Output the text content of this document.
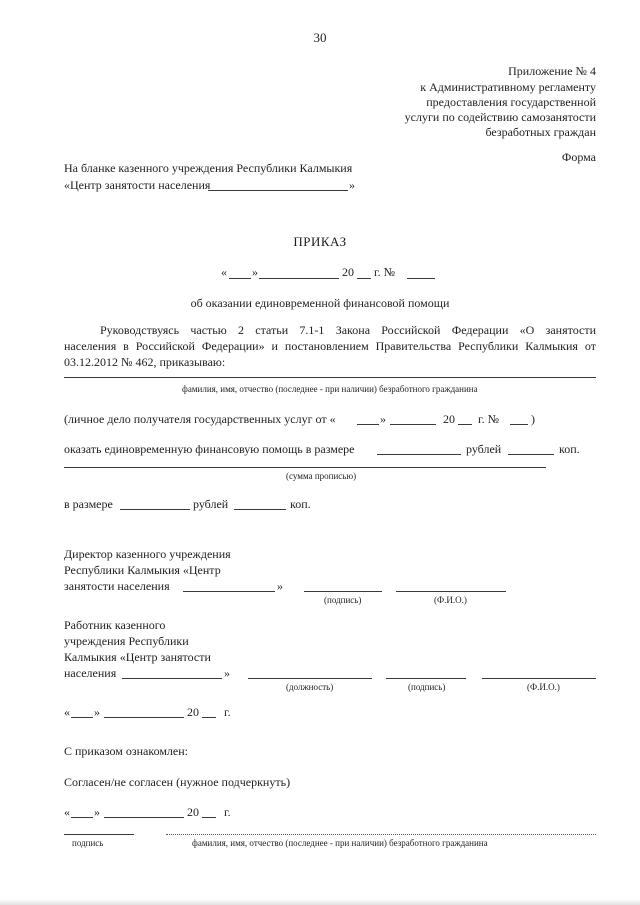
30
Приложение № 4
к Административному регламенту
предоставления государственной
услуги по содействию самозанятости
безработных граждан
Форма
На бланке казенного учреждения Республики Калмыкия
«Центр занятости населения	»
ПРИКАЗ
« »	20 г. №
об оказании единовременной финансовой помощи
Руководствуясь частью 2 статьи 7.1-1 Закона Российской Федерации «О занятости
населения в Российской Федерации» и постановлением Правительства Республики Калмыкия от
03.12.2012 № 462, приказываю:
фамилия, имя, отчество (последнее - при наличии) безработного гражданина
(личное дело получателя государственных услуг от «	»	20 г. №	)
оказать единовременную финансовую помощь в размере	рублей	коп.
(сумма прописью)
в размере	рублей	коп.
Директор казенного учреждения
Республики Калмыкия «Центр
занятости населения	»
(подпись)	(Ф.И.О.)
Работник казенного
учреждения Республики
Калмыкия «Центр занятости
населения	»
(должность)	(подпись)	(Ф.И.О.)
« »	20 г.
С приказом ознакомлен:
Согласен/не согласен (нужное подчеркнуть)
« »	20 г.
подпись	фамилия, имя, отчество (последнее - при наличии) безработного гражданина
